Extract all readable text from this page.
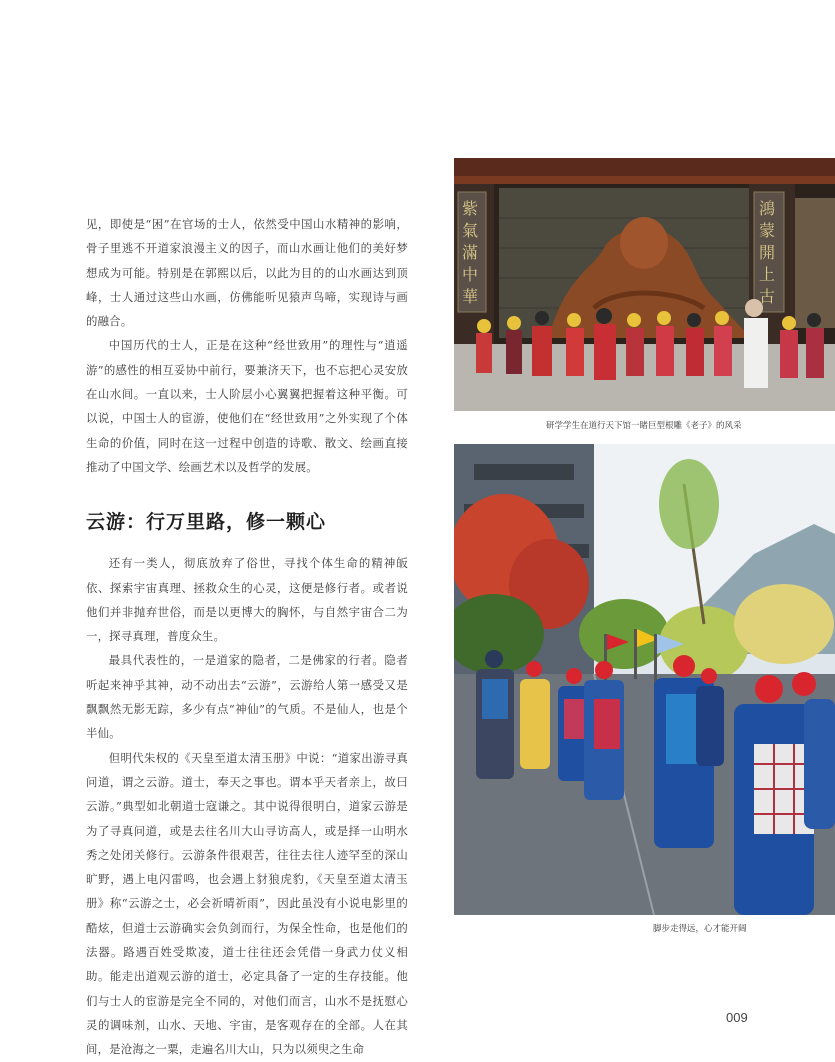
见，即使是“困”在官场的士人，依然受中国山水精神的影响，骨子里逃不开道家浪漫主义的因子，而山水画让他们的美好梦想成为可能。特别是在郭熙以后，以此为目的的山水画达到顶峰，士人通过这些山水画，仿佛能听见猿声鸟啼，实现诗与画的融合。

中国历代的士人，正是在这种“经世致用”的理性与“逍遥游”的感性的相互妥协中前行，要兼济天下，也不忘把心灵安放在山水间。一直以来，士人阶层小心翼翼把握着这种平衡。可以说，中国士人的宦游，使他们在“经世致用”之外实现了个体生命的价值，同时在这一过程中创造的诗歌、散文、绘画直接推动了中国文学、绘画艺术以及哲学的发展。

云游：行万里路，修一颗心

还有一类人，彻底放弃了俗世，寻找个体生命的精神皈依、探索宇宙真理、拯救众生的心灵，这便是修行者。或者说他们并非抛弃世俗，而是以更博大的胸怀，与自然宇宙合二为一，探寻真理，普度众生。

最具代表性的，一是道家的隐者，二是佛家的行者。隐者听起来神乎其神，动不动出去“云游”，云游给人第一感受又是飘飘然无影无踪，多少有点“神仙”的气质。不是仙人，也是个半仙。

但明代朱权的《天皇至道太清玉册》中说：“道家出游寻真问道，谓之云游。道士，奉天之事也。谓本乎天者亲上，故曰云游。”典型如北朝道士寇谦之。其中说得很明白，道家云游是为了寻真问道，或是去往名川大山寻访高人，或是择一山明水秀之处闭关修行。云游条件很艰苦，往往去往人迹罕至的深山旷野，遇上电闪雷鸣，也会遇上豺狼虎豹，《天皇至道太清玉册》称“云游之士，必会祈晴祈雨”，因此虽没有小说电影里的酷炫，但道士云游确实会负剑而行，为保全性命，也是他们的法器。路遇百姓受欺凌，道士往往还会凭借一身武力仗义相助。能走出道观云游的道士，必定具备了一定的生存技能。他们与士人的宦游是完全不同的，对他们而言，山水不是抚慰心灵的调味剂，山水、天地、宇宙，是客观存在的全部。人在其间，是沧海之一粟，走遍名川大山，只为以须臾之生命

紫氣滿中華
鴻蒙開上古
研学学生在道行天下馆一睹巨型根雕《老子》的风采
脚步走得远，心才能开阔
009
